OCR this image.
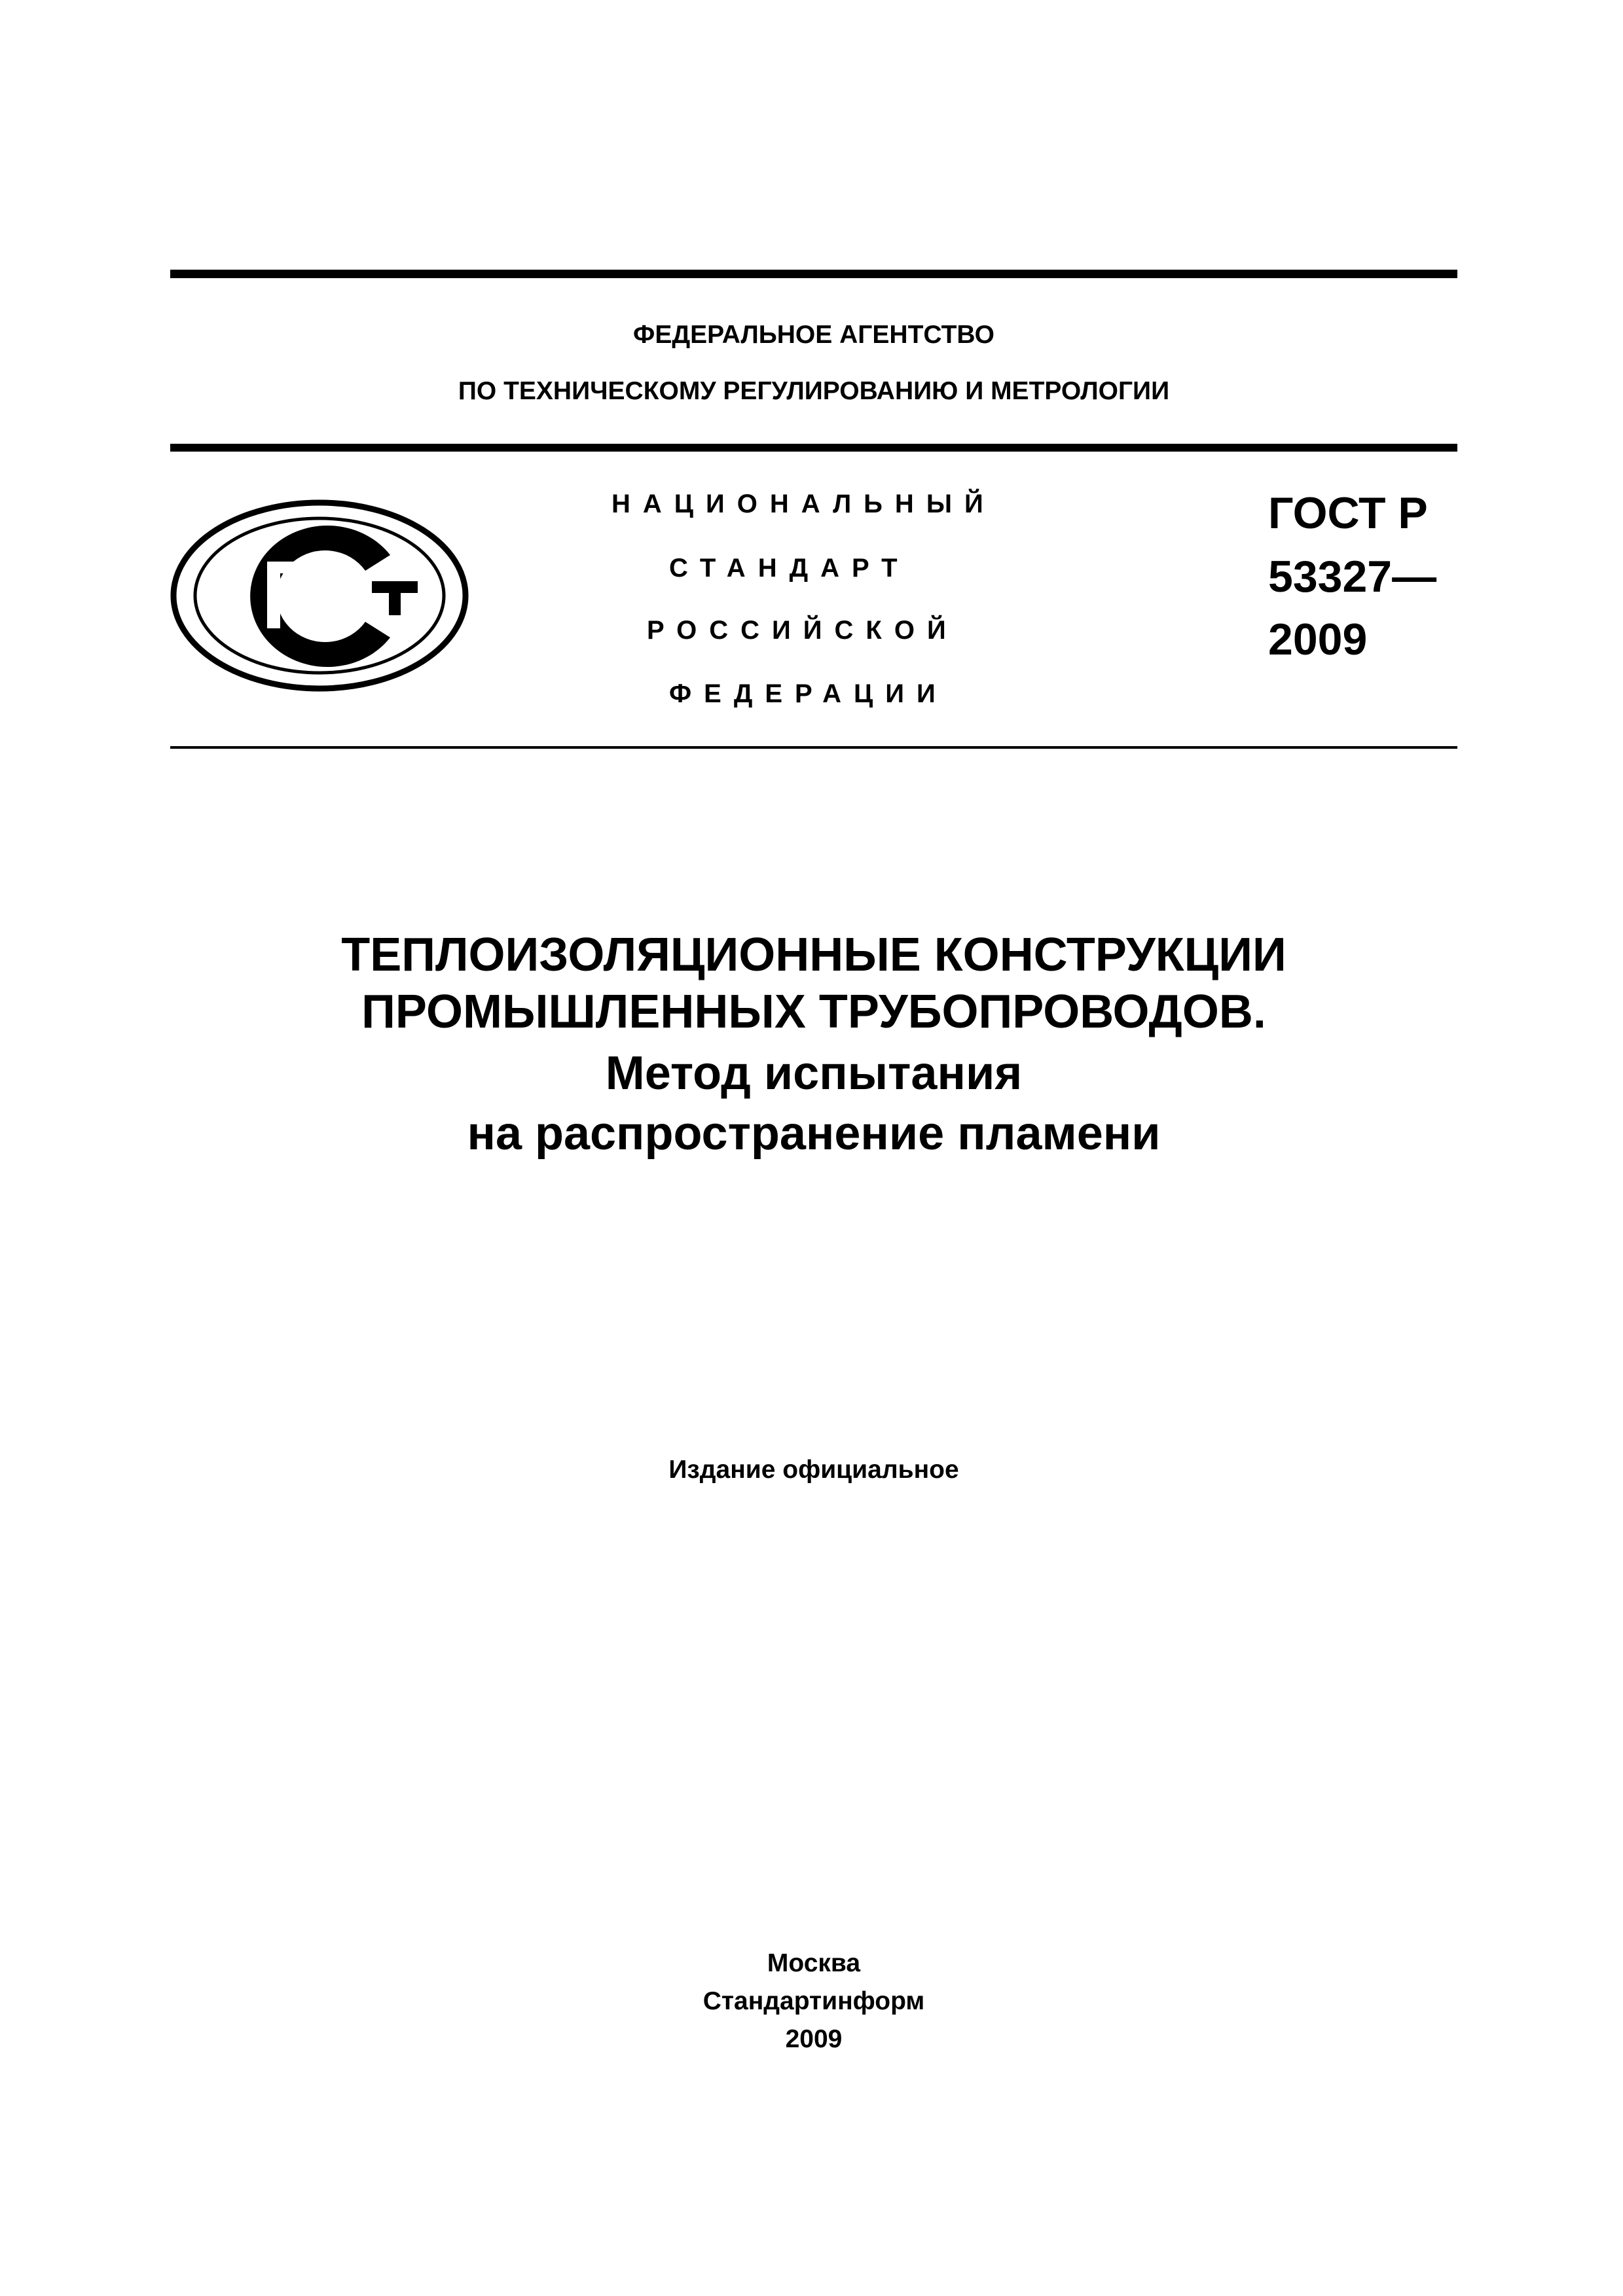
ФЕДЕРАЛЬНОЕ АГЕНТСТВО
ПО ТЕХНИЧЕСКОМУ РЕГУЛИРОВАНИЮ И МЕТРОЛОГИИ
НАЦИОНАЛЬНЫЙ
СТАНДАРТ
РОССИЙСКОЙ
ФЕДЕРАЦИИ
ГОСТ Р
53327—
2009
ТЕПЛОИЗОЛЯЦИОННЫЕ КОНСТРУКЦИИ
ПРОМЫШЛЕННЫХ ТРУБОПРОВОДОВ.
Метод испытания
на распространение пламени
Издание официальное
Москва
Стандартинформ
2009
